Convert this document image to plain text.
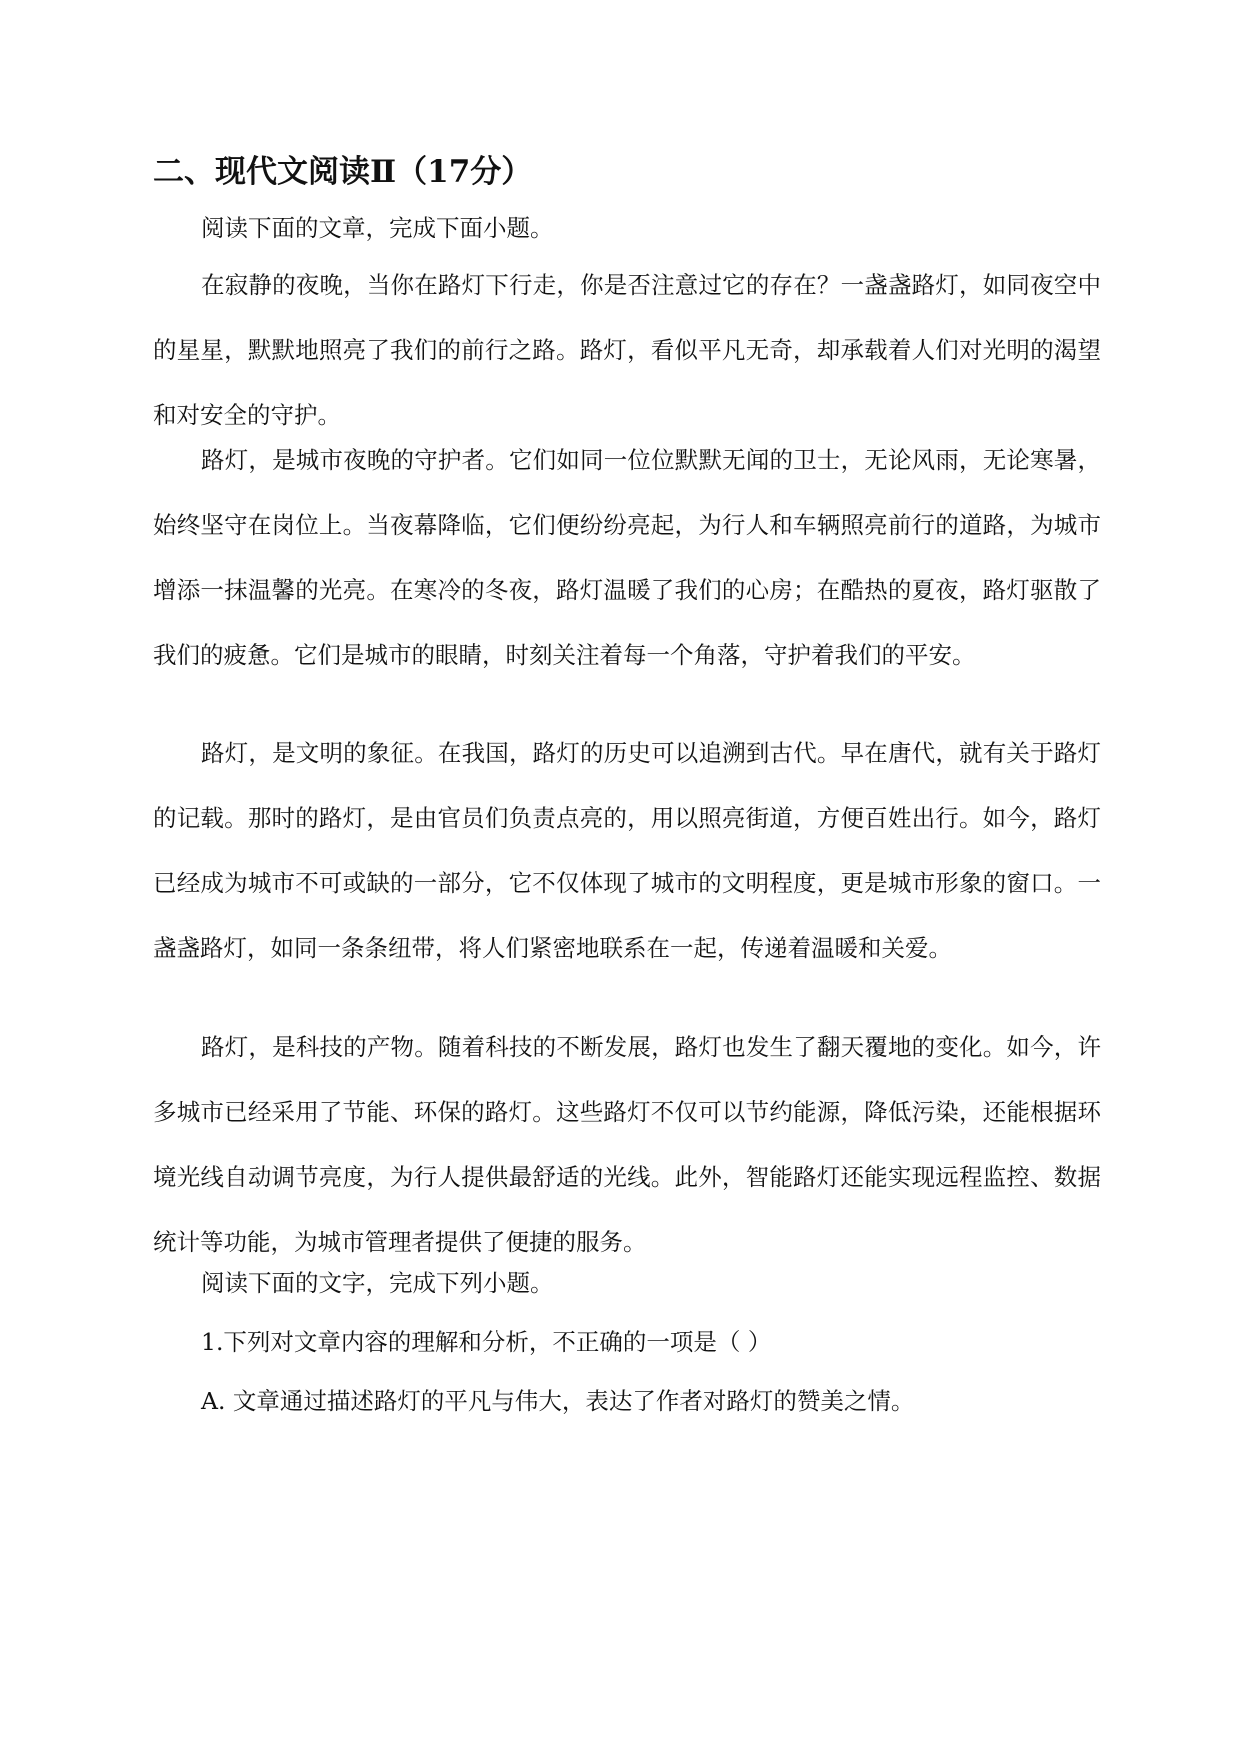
二、现代文阅读Ⅱ（17分）

阅读下面的文章，完成下面小题。

在寂静的夜晚，当你在路灯下行走，你是否注意过它的存在？一盏盏路灯，如同夜空中的星星，默默地照亮了我们的前行之路。路灯，看似平凡无奇，却承载着人们对光明的渴望和对安全的守护。

路灯，是城市夜晚的守护者。它们如同一位位默默无闻的卫士，无论风雨，无论寒暑，始终坚守在岗位上。当夜幕降临，它们便纷纷亮起，为行人和车辆照亮前行的道路，为城市增添一抹温馨的光亮。在寒冷的冬夜，路灯温暖了我们的心房；在酷热的夏夜，路灯驱散了我们的疲惫。它们是城市的眼睛，时刻关注着每一个角落，守护着我们的平安。

路灯，是文明的象征。在我国，路灯的历史可以追溯到古代。早在唐代，就有关于路灯的记载。那时的路灯，是由官员们负责点亮的，用以照亮街道，方便百姓出行。如今，路灯已经成为城市不可或缺的一部分，它不仅体现了城市的文明程度，更是城市形象的窗口。一盏盏路灯，如同一条条纽带，将人们紧密地联系在一起，传递着温暖和关爱。

路灯，是科技的产物。随着科技的不断发展，路灯也发生了翻天覆地的变化。如今，许多城市已经采用了节能、环保的路灯。这些路灯不仅可以节约能源，降低污染，还能根据环境光线自动调节亮度，为行人提供最舒适的光线。此外，智能路灯还能实现远程监控、数据统计等功能，为城市管理者提供了便捷的服务。

阅读下面的文字，完成下列小题。

1.下列对文章内容的理解和分析，不正确的一项是（ ）

A. 文章通过描述路灯的平凡与伟大，表达了作者对路灯的赞美之情。
